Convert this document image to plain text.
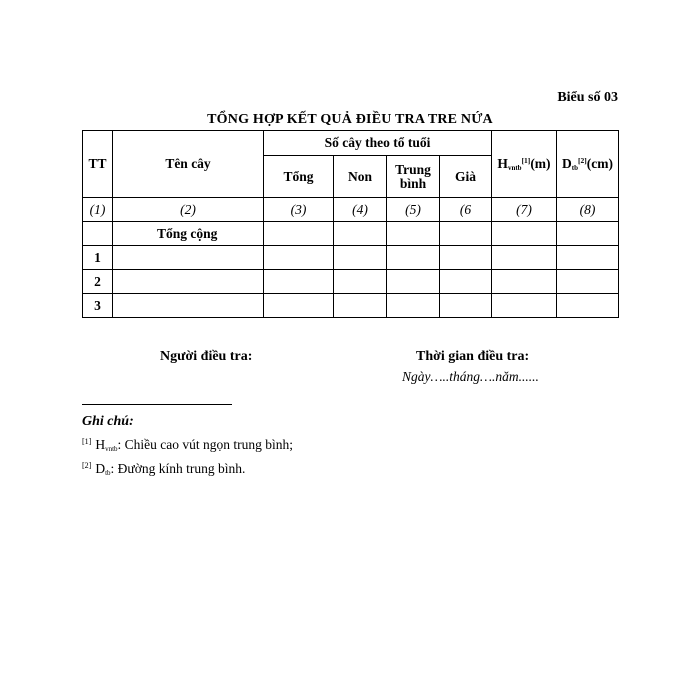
Biểu số 03
TỔNG HỢP KẾT QUẢ ĐIỀU TRA TRE NỨA
TT	Tên cây	Số cây theo tổ tuổi				$H_{vntb}[1](m)$	$D_{tb}[2](cm)$
		Tổng	Non	Trung bình	Già		
(1)	(2)	(3)	(4)	(5)	(6	(7)	(8)
	Tổng cộng						
1							
2							
3							
Người điều tra:	Thời gian điều tra:
Ngày…..tháng….năm......
Ghi chú:
[1] Hvntb: Chiều cao vút ngọn trung bình;
[2] Dtb: Đường kính trung bình.
